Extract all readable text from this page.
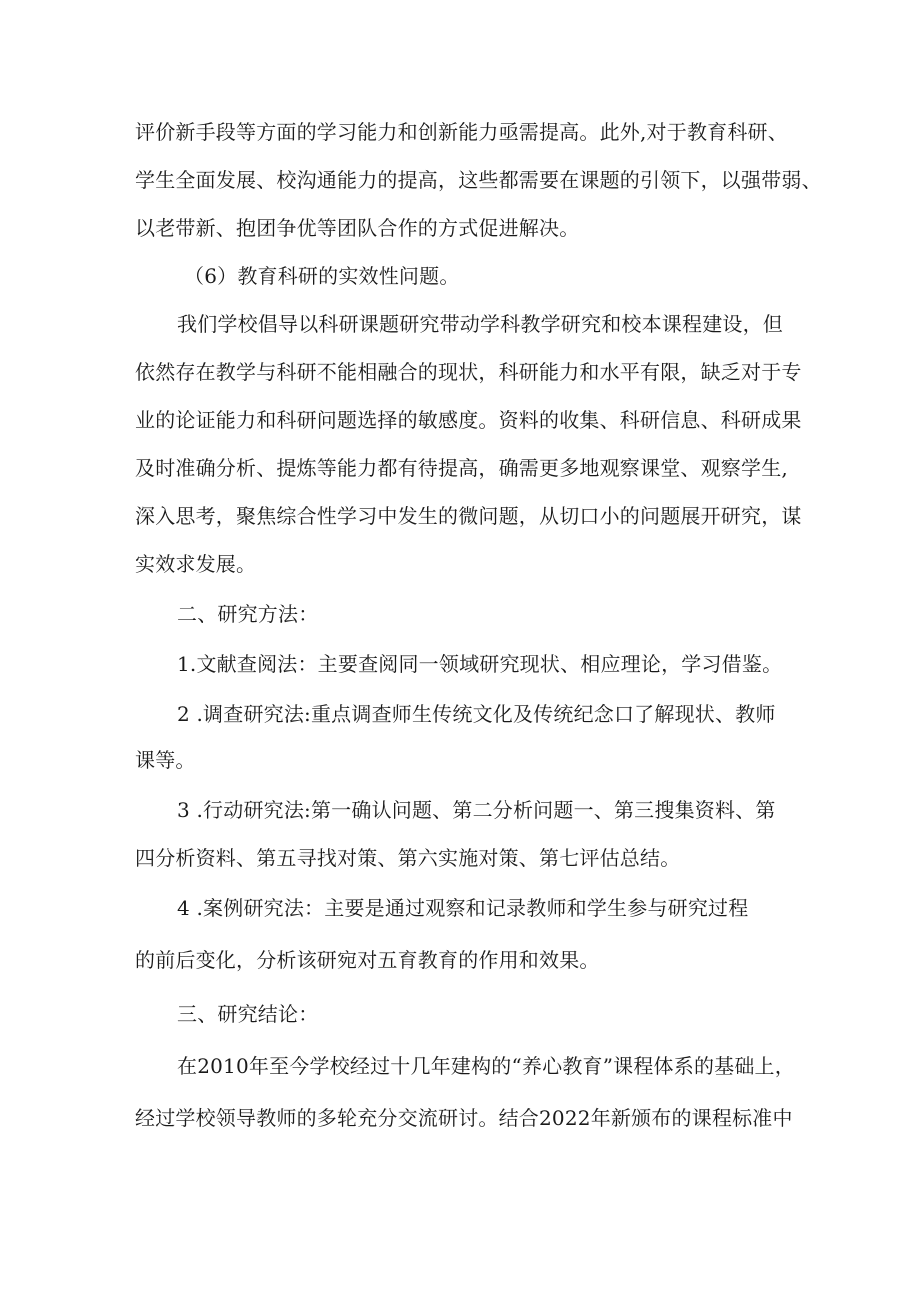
评价新手段等方面的学习能力和创新能力亟需提高。此外,对于教育科研、
学生全面发展、校沟通能力的提高，这些都需要在课题的引领下，以强带弱、
以老带新、抱团争优等团队合作的方式促进解决。
（6）教育科研的实效性问题。
我们学校倡导以科研课题研究带动学科教学研究和校本课程建设，但
依然存在教学与科研不能相融合的现状，科研能力和水平有限，缺乏对于专
业的论证能力和科研问题选择的敏感度。资料的收集、科研信息、科研成果
及时准确分析、提炼等能力都有待提高，确需更多地观察课堂、观察学生,
深入思考，聚焦综合性学习中发生的微问题，从切口小的问题展开研究，谋
实效求发展。
二、研究方法：
1.文献查阅法：主要查阅同一领域研究现状、相应理论，学习借鉴。
2 .调查研究法:重点调查师生传统文化及传统纪念口了解现状、教师
课等。
3 .行动研究法:第一确认问题、第二分析问题一、第三搜集资料、第
四分析资料、第五寻找对策、第六实施对策、第七评估总结。
4 .案例研究法：主要是通过观察和记录教师和学生参与研究过程
的前后变化，分析该研宛对五育教育的作用和效果。
三、研究结论：
在2010年至今学校经过十几年建构的“养心教育”课程体系的基础上，
经过学校领导教师的多轮充分交流研讨。结合2022年新颁布的课程标准中
